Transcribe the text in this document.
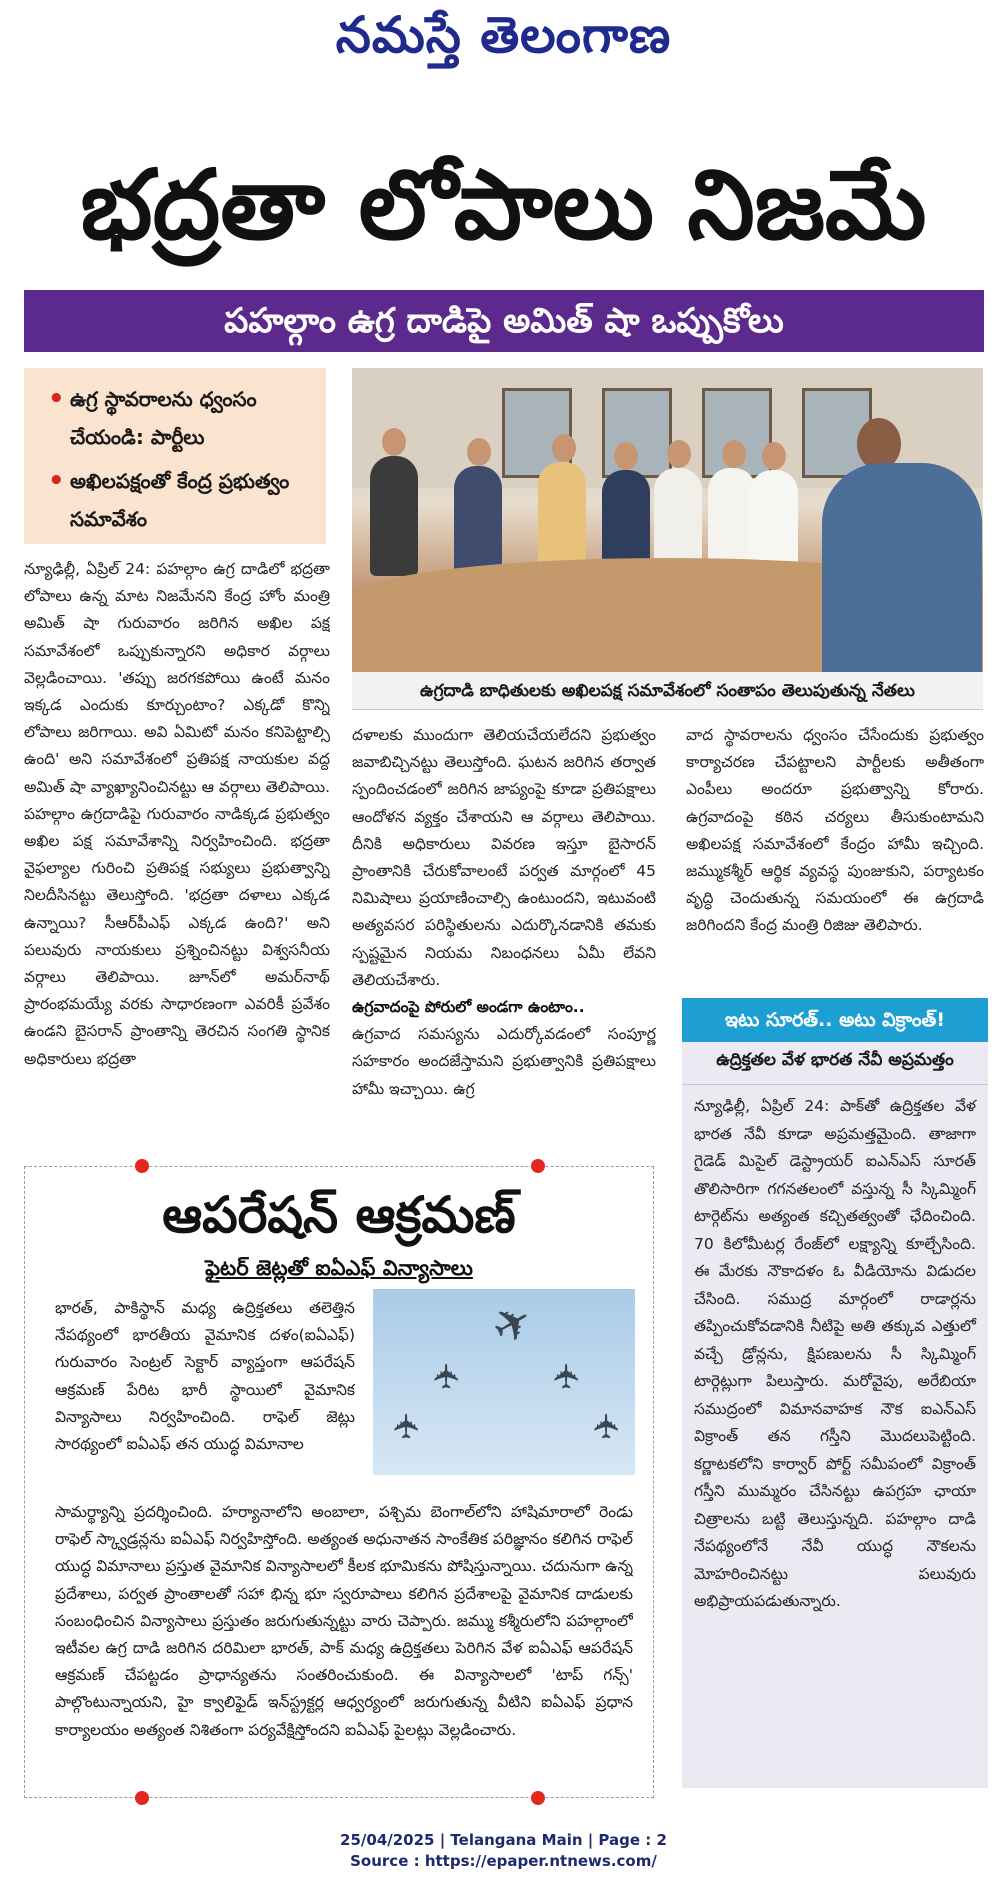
నమస్తే తెలంగాణ
భద్రతా లోపాలు నిజమే
పహల్గాం ఉగ్ర దాడిపై అమిత్ షా ఒప్పుకోలు
• ఉగ్ర స్థావరాలను ధ్వంసం చేయండి: పార్టీలు
• అఖిలపక్షంతో కేంద్ర ప్రభుత్వం సమావేశం
ఉగ్రదాడి బాధితులకు అఖిలపక్ష సమావేశంలో సంతాపం తెలుపుతున్న నేతలు
న్యూఢిల్లీ, ఏప్రిల్ 24: పహల్గాం ఉగ్ర దాడిలో భద్రతా లోపాలు ఉన్న మాట నిజమేనని కేంద్ర హోం మంత్రి అమిత్ షా గురువారం జరిగిన అఖిల పక్ష సమావేశంలో ఒప్పుకున్నారని అధికార వర్గాలు వెల్లడించాయి. 'తప్పు జరగకపోయి ఉంటే మనం ఇక్కడ ఎందుకు కూర్చుంటాం? ఎక్కడో కొన్ని లోపాలు జరిగాయి. అవి ఏమిటో మనం కనిపెట్టాల్సి ఉంది' అని సమావేశంలో ప్రతిపక్ష నాయకుల వద్ద అమిత్ షా వ్యాఖ్యానించినట్టు ఆ వర్గాలు తెలిపాయి. పహల్గాం ఉగ్రదాడిపై గురువారం నాడిక్కడ ప్రభుత్వం అఖిల పక్ష సమావేశాన్ని నిర్వహించింది. భద్రతా వైఫల్యాల గురించి ప్రతిపక్ష సభ్యులు ప్రభుత్వాన్ని నిలదీసినట్టు తెలుస్తోంది. 'భద్రతా దళాలు ఎక్కడ ఉన్నాయి? సీఆర్‌పీఎఫ్ ఎక్కడ ఉంది?' అని పలువురు నాయకులు ప్రశ్నించినట్టు విశ్వసనీయ వర్గాలు తెలిపాయి. జూన్‌లో అమర్‌నాథ్ ప్రారంభమయ్యే వరకు సాధారణంగా ఎవరికీ ప్రవేశం ఉండని బైసరాన్ ప్రాంతాన్ని తెరచిన సంగతి స్థానిక అధికారులు భద్రతా
దళాలకు ముందుగా తెలియచేయలేదని ప్రభుత్వం జవాబిచ్చినట్టు తెలుస్తోంది. ఘటన జరిగిన తర్వాత స్పందించడంలో జరిగిన జాప్యంపై కూడా ప్రతిపక్షాలు ఆందోళన వ్యక్తం చేశాయని ఆ వర్గాలు తెలిపాయి. దీనికి అధికారులు వివరణ ఇస్తూ బైసారన్ ప్రాంతానికి చేరుకోవాలంటే పర్వత మార్గంలో 45 నిమిషాలు ప్రయాణించాల్సి ఉంటుందని, ఇటువంటి అత్యవసర పరిస్థితులను ఎదుర్కొనడానికి తమకు స్పష్టమైన నియమ నిబంధనలు ఏమీ లేవని తెలియచేశారు.
ఉగ్రవాదంపై పోరులో అండగా ఉంటాం..
ఉగ్రవాద సమస్యను ఎదుర్కోవడంలో సంపూర్ణ సహకారం అందజేస్తామని ప్రభుత్వానికి ప్రతిపక్షాలు హామీ ఇచ్చాయి. ఉగ్ర
వాద స్థావరాలను ధ్వంసం చేసేందుకు ప్రభుత్వం కార్యాచరణ చేపట్టాలని పార్టీలకు అతీతంగా ఎంపీలు అందరూ ప్రభుత్వాన్ని కోరారు. ఉగ్రవాదంపై కఠిన చర్యలు తీసుకుంటామని అఖిలపక్ష సమావేశంలో కేంద్రం హామీ ఇచ్చింది. జమ్ముకశ్మీర్ ఆర్థిక వ్యవస్థ పుంజుకుని, పర్యాటకం వృద్ధి చెందుతున్న సమయంలో ఈ ఉగ్రదాడి జరిగిందని కేంద్ర మంత్రి రిజిజు తెలిపారు.
ఇటు సూరత్.. అటు విక్రాంత్!
ఉద్రిక్తతల వేళ భారత నేవీ అప్రమత్తం
న్యూఢిల్లీ, ఏప్రిల్ 24: పాక్‌తో ఉద్రిక్తతల వేళ భారత నేవీ కూడా అప్రమత్తమైంది. తాజాగా గైడెడ్ మిసైల్ డెస్ట్రాయర్ ఐఎన్ఎస్ సూరత్ తొలిసారిగా గగనతలంలో వస్తున్న సీ స్కిమ్మింగ్ టార్గెట్‌ను అత్యంత కచ్చితత్వంతో ఛేదించింది. 70 కిలోమీటర్ల రేంజ్‌లో లక్ష్యాన్ని కూల్చేసింది. ఈ మేరకు నౌకాదళం ఓ వీడియోను విడుదల చేసింది. సముద్ర మార్గంలో రాడార్లను తప్పించుకోవడానికి నీటిపై అతి తక్కువ ఎత్తులో వచ్చే డ్రోన్లను, క్షిపణులను సీ స్కిమ్మింగ్ టార్గెట్లుగా పిలుస్తారు. మరోవైపు, అరేబియా సముద్రంలో విమానవాహక నౌక ఐఎన్ఎస్ విక్రాంత్ తన గస్తీని మొదలుపెట్టింది. కర్ణాటకలోని కార్వార్ పోర్ట్ సమీపంలో విక్రాంత్ గస్తీని ముమ్మరం చేసినట్టు ఉపగ్రహ ఛాయా చిత్రాలను బట్టి తెలుస్తున్నది. పహల్గాం దాడి నేపథ్యంలోనే నేవీ యుద్ధ నౌకలను మోహరించినట్టు పలువురు అభిప్రాయపడుతున్నారు.
ఆపరేషన్ ఆక్రమణ్
ఫైటర్ జెట్లతో ఐఏఎఫ్ విన్యాసాలు
భారత్, పాకిస్థాన్ మధ్య ఉద్రిక్తతలు తలెత్తిన నేపథ్యంలో భారతీయ వైమానిక దళం(ఐఏఎఫ్) గురువారం సెంట్రల్ సెక్టార్ వ్యాప్తంగా ఆపరేషన్ ఆక్రమణ్ పేరిట భారీ స్థాయిలో వైమానిక విన్యాసాలు నిర్వహించింది. రాఫెల్ జెట్లు సారథ్యంలో ఐఏఎఫ్ తన యుద్ధ విమానాల
✈
✈ ✈
✈	✈
సామర్థ్యాన్ని ప్రదర్శించింది. హర్యానాలోని అంబాలా, పశ్చిమ బెంగాల్‌లోని హాషిమారాలో రెండు రాఫెల్ స్క్వాడ్రన్లను ఐఏఎఫ్ నిర్వహిస్తోంది. అత్యంత అధునాతన సాంకేతిక పరిజ్ఞానం కలిగిన రాఫెల్ యుద్ధ విమానాలు ప్రస్తుత వైమానిక విన్యాసాలలో కీలక భూమికను పోషిస్తున్నాయి. చదునుగా ఉన్న ప్రదేశాలు, పర్వత ప్రాంతాలతో సహా భిన్న భూ స్వరూపాలు కలిగిన ప్రదేశాలపై వైమానిక దాడులకు సంబంధించిన విన్యాసాలు ప్రస్తుతం జరుగుతున్నట్టు వారు చెప్పారు. జమ్ము కశ్మీరులోని పహల్గాంలో ఇటీవల ఉగ్ర దాడి జరిగిన దరిమిలా భారత్, పాక్ మధ్య ఉద్రిక్తతలు పెరిగిన వేళ ఐఏఎఫ్ ఆపరేషన్ ఆక్రమణ్ చేపట్టడం ప్రాధాన్యతను సంతరించుకుంది. ఈ విన్యాసాలలో 'టాప్ గన్స్' పాల్గొంటున్నాయని, హై క్వాలిఫైడ్ ఇన్‌స్ట్రక్టర్ల ఆధ్వర్యంలో జరుగుతున్న వీటిని ఐఏఎఫ్ ప్రధాన కార్యాలయం అత్యంత నిశితంగా పర్యవేక్షిస్తోందని ఐఏఎఫ్ పైలట్లు వెల్లడించారు.
25/04/2025 | Telangana Main | Page : 2
Source : https://epaper.ntnews.com/
